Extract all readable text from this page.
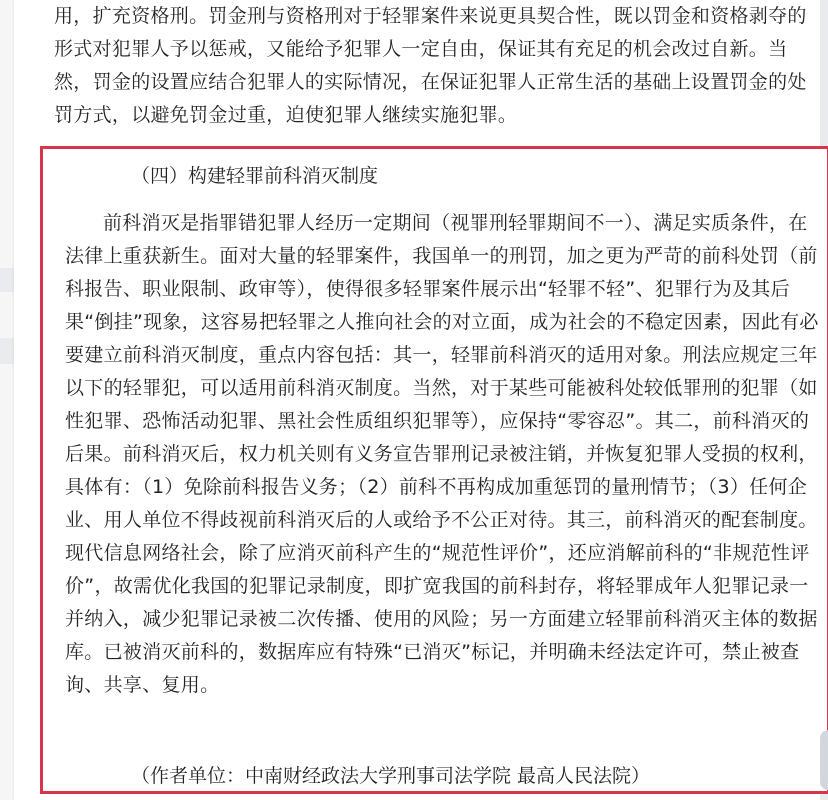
用，扩充资格刑。罚金刑与资格刑对于轻罪案件来说更具契合性，既以罚金和资格剥夺的形式对犯罪人予以惩戒，又能给予犯罪人一定自由，保证其有充足的机会改过自新。当然，罚金的设置应结合犯罪人的实际情况，在保证犯罪人正常生活的基础上设置罚金的处罚方式，以避免罚金过重，迫使犯罪人继续实施犯罪。

（四）构建轻罪前科消灭制度

前科消灭是指罪错犯罪人经历一定期间（视罪刑轻罪期间不一）、满足实质条件，在法律上重获新生。面对大量的轻罪案件，我国单一的刑罚，加之更为严苛的前科处罚（前科报告、职业限制、政审等），使得很多轻罪案件展示出“轻罪不轻”、犯罪行为及其后果“倒挂”现象，这容易把轻罪之人推向社会的对立面，成为社会的不稳定因素，因此有必要建立前科消灭制度，重点内容包括：其一，轻罪前科消灭的适用对象。刑法应规定三年以下的轻罪犯，可以适用前科消灭制度。当然，对于某些可能被科处较低罪刑的犯罪（如性犯罪、恐怖活动犯罪、黑社会性质组织犯罪等），应保持“零容忍”。其二，前科消灭的后果。前科消灭后，权力机关则有义务宣告罪刑记录被注销，并恢复犯罪人受损的权利，具体有：（1）免除前科报告义务；（2）前科不再构成加重惩罚的量刑情节；（3）任何企业、用人单位不得歧视前科消灭后的人或给予不公正对待。其三，前科消灭的配套制度。现代信息网络社会，除了应消灭前科产生的“规范性评价”，还应消解前科的“非规范性评价”，故需优化我国的犯罪记录制度，即扩宽我国的前科封存，将轻罪成年人犯罪记录一并纳入，减少犯罪记录被二次传播、使用的风险；另一方面建立轻罪前科消灭主体的数据库。已被消灭前科的，数据库应有特殊“已消灭”标记，并明确未经法定许可，禁止被查询、共享、复用。

（作者单位：中南财经政法大学刑事司法学院 最高人民法院）
